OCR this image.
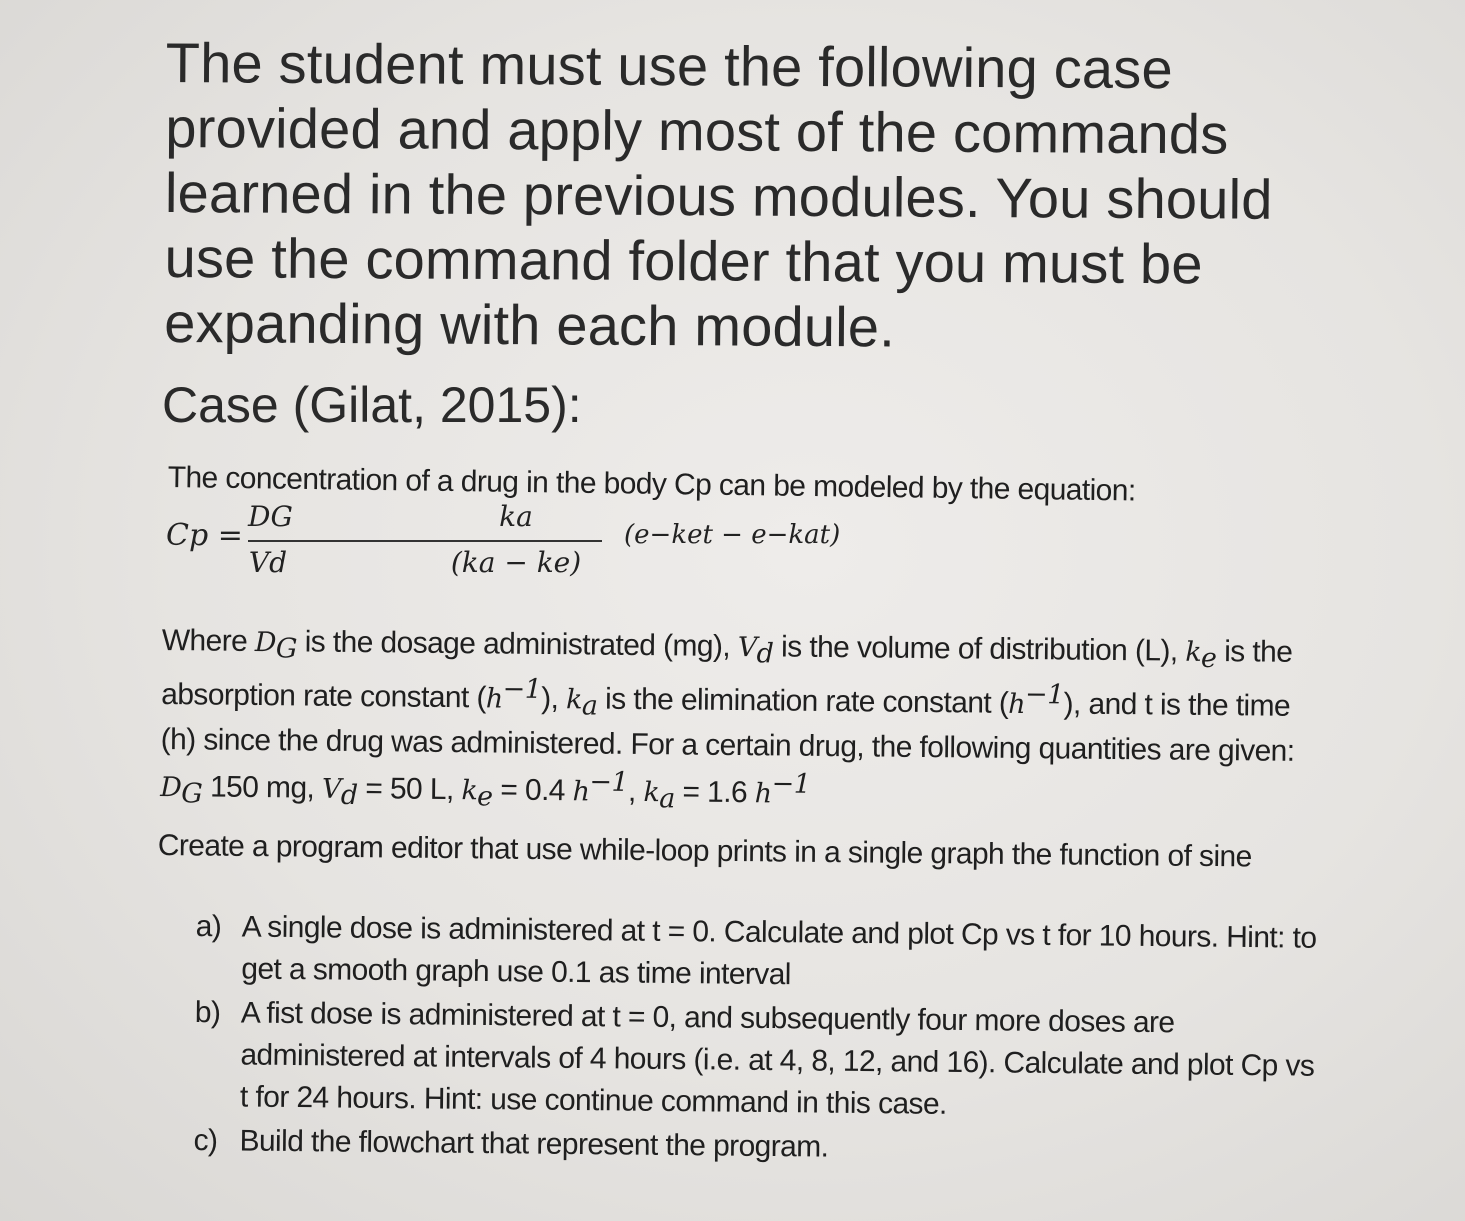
The student must use the following case provided and apply most of the commands learned in the previous modules. You should use the command folder that you must be expanding with each module.
Case (Gilat, 2015):
The concentration of a drug in the body Cp can be modeled by the equation:
Cp =
DG
Vd
ka
(ka − ke)
(e−ket − e−kat)
Where DG is the dosage administrated (mg), Vd is the volume of distribution (L), ke is the absorption rate constant (h−1), ka is the elimination rate constant (h−1), and t is the time (h) since the drug was administered. For a certain drug, the following quantities are given:
DG 150 mg, Vd = 50 L, ke = 0.4 h−1, ka = 1.6 h−1
Create a program editor that use while-loop prints in a single graph the function of sine
a) A single dose is administered at t = 0. Calculate and plot Cp vs t for 10 hours. Hint: to get a smooth graph use 0.1 as time interval
b) A fist dose is administered at t = 0, and subsequently four more doses are administered at intervals of 4 hours (i.e. at 4, 8, 12, and 16). Calculate and plot Cp vs t for 24 hours. Hint: use continue command in this case.
c) Build the flowchart that represent the program.
